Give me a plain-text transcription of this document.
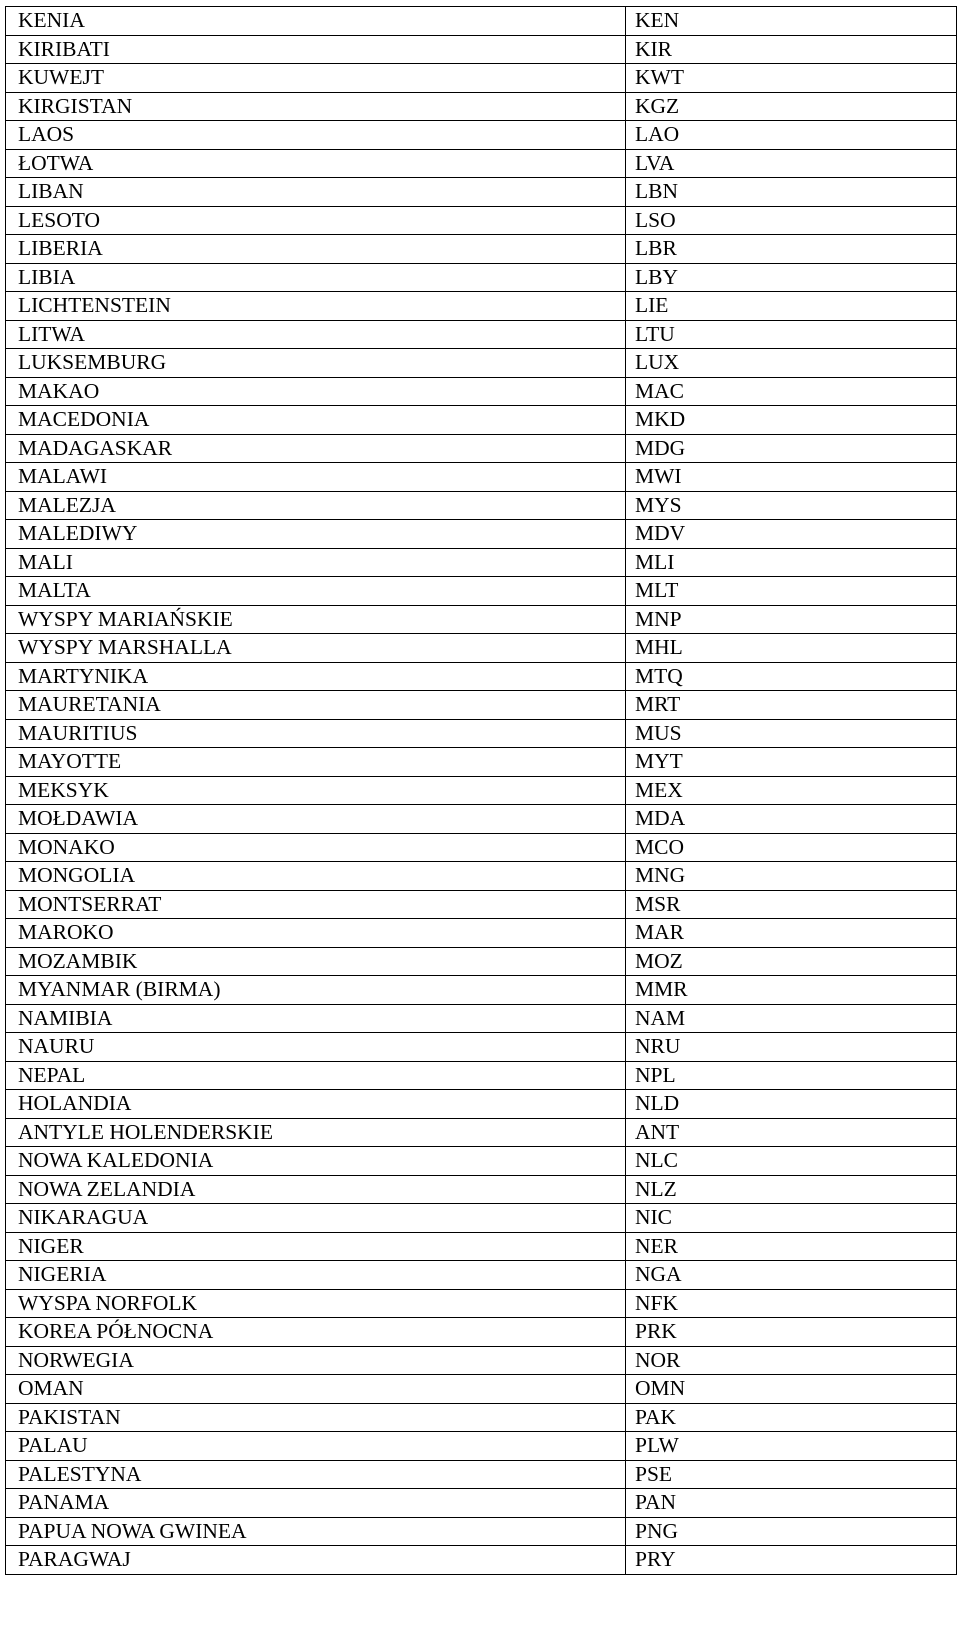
KENIA	KEN
KIRIBATI	KIR
KUWEJT	KWT
KIRGISTAN	KGZ
LAOS	LAO
ŁOTWA	LVA
LIBAN	LBN
LESOTO	LSO
LIBERIA	LBR
LIBIA	LBY
LICHTENSTEIN	LIE
LITWA	LTU
LUKSEMBURG	LUX
MAKAO	MAC
MACEDONIA	MKD
MADAGASKAR	MDG
MALAWI	MWI
MALEZJA	MYS
MALEDIWY	MDV
MALI	MLI
MALTA	MLT
WYSPY MARIAŃSKIE	MNP
WYSPY MARSHALLA	MHL
MARTYNIKA	MTQ
MAURETANIA	MRT
MAURITIUS	MUS
MAYOTTE	MYT
MEKSYK	MEX
MOŁDAWIA	MDA
MONAKO	MCO
MONGOLIA	MNG
MONTSERRAT	MSR
MAROKO	MAR
MOZAMBIK	MOZ
MYANMAR (BIRMA)	MMR
NAMIBIA	NAM
NAURU	NRU
NEPAL	NPL
HOLANDIA	NLD
ANTYLE HOLENDERSKIE	ANT
NOWA KALEDONIA	NLC
NOWA ZELANDIA	NLZ
NIKARAGUA	NIC
NIGER	NER
NIGERIA	NGA
WYSPA NORFOLK	NFK
KOREA PÓŁNOCNA	PRK
NORWEGIA	NOR
OMAN	OMN
PAKISTAN	PAK
PALAU	PLW
PALESTYNA	PSE
PANAMA	PAN
PAPUA NOWA GWINEA	PNG
PARAGWAJ	PRY
